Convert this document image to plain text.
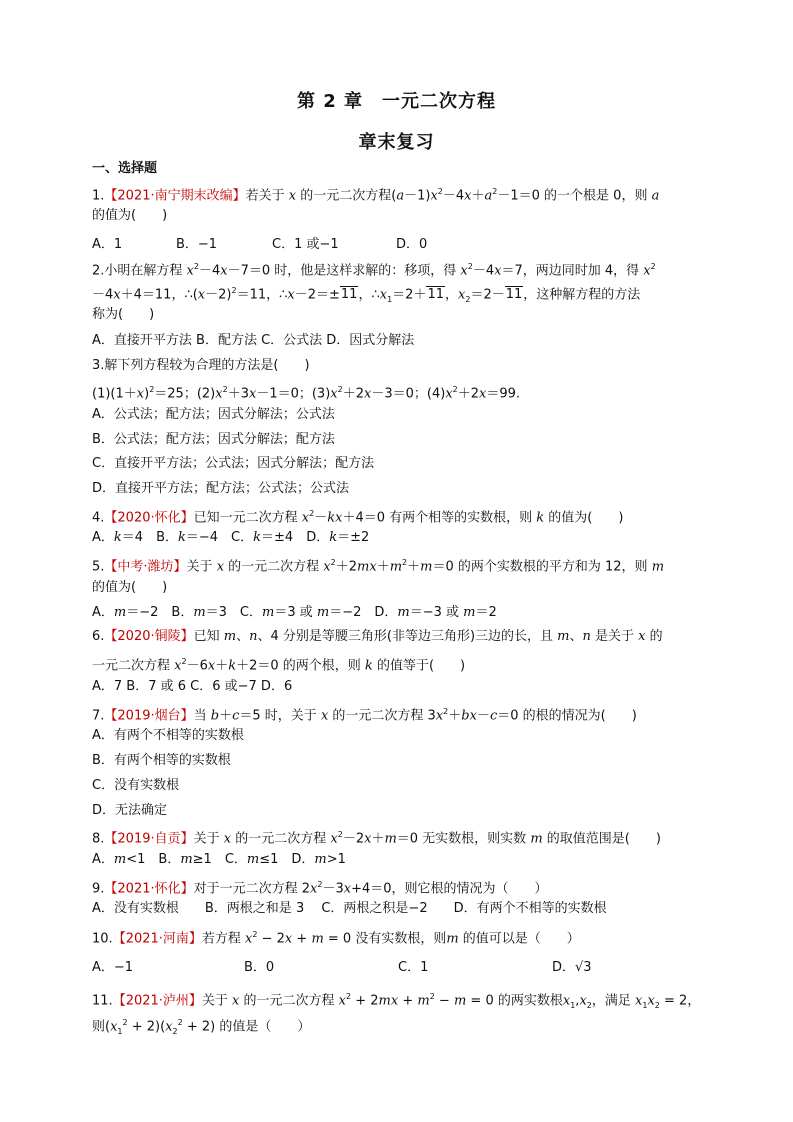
第 2 章　一元二次方程
章末复习
一、选择题
1.【2021·南宁期末改编】若关于 x 的一元二次方程$(a-1)x^2-4x+a^2-1=0$ 的一个根是 0，则 a
的值为(　　)
A．1	B．−1	C．1 或−1	D．0
2.小明在解方程 $x^2-4x-7=0$ 时，他是这样求解的：移项，得 $x^2-4x=7$，两边同时加 4，得 $x^2$
－4x＋4＝11，$\therefore(x-2)^2=11$，∴x－2＝±11，$\therefore x_1=2+11$，$x_2=2-11$，这种解方程的方法
称为(　　)
A．直接开平方法 B．配方法 C．公式法 D．因式分解法
3.解下列方程较为合理的方法是(　　)
$(1)(1+x)^2=25$；$(2)x^2+3x-1=0$；$(3)x^2+2x-3=0$；$(4)x^2+2x=99$.
A．公式法；配方法；因式分解法；公式法
B．公式法；配方法；因式分解法；配方法
C．直接开平方法；公式法；因式分解法；配方法
D．直接开平方法；配方法；公式法；公式法
4.【2020·怀化】已知一元二次方程 $x^2-kx+4=0$ 有两个相等的实数根，则 k 的值为(　　)
A．k＝4　B．k＝−4　C．k＝±4　D．k＝±2
5.【中考·潍坊】关于 x 的一元二次方程 $x^2+2mx+m^2+m=0$ 的两个实数根的平方和为 12，则 m
的值为(　　)
A．m＝−2　B．m＝3　C．m＝3 或 m＝−2　D．m＝−3 或 m＝2
6.【2020·铜陵】已知 m、n、4 分别是等腰三角形(非等边三角形)三边的长，且 m、n 是关于 x 的
一元二次方程 $x^2-6x+k+2=0$ 的两个根，则 k 的值等于(　　)
A．7 B．7 或 6 C．6 或−7 D．6
7.【2019·烟台】当 b＋c＝5 时，关于 x 的一元二次方程 $3x^2+bx-c=0$ 的根的情况为(　　)
A．有两个不相等的实数根
B．有两个相等的实数根
C．没有实数根
D．无法确定
8.【2019·自贡】关于 x 的一元二次方程 $x^2-2x+m=0$ 无实数根，则实数 m 的取值范围是(　　)
A．m<1　B．m≥1　C．m≤1　D．m>1
9.【2021·怀化】对于一元二次方程 $2x^2-3x+4=0$，则它根的情况为（　　）
A．没有实数根　　B．两根之和是 3　 C．两根之积是−2　　D．有两个不相等的实数根
10.【2021·河南】若方程 $x^2 - 2x + m = 0$ 没有实数根，则m 的值可以是（　　）
A．−1	B．0	C．1	D．√3
11.【2021·泸州】关于 x 的一元二次方程 $x^2 + 2mx + m^2 - m = 0$ 的两实数根$x_1,x_2$，满足 $x_1x_2 = 2$，
则$(x_1^2 + 2)(x_2^2 + 2)$ 的值是（　　）
